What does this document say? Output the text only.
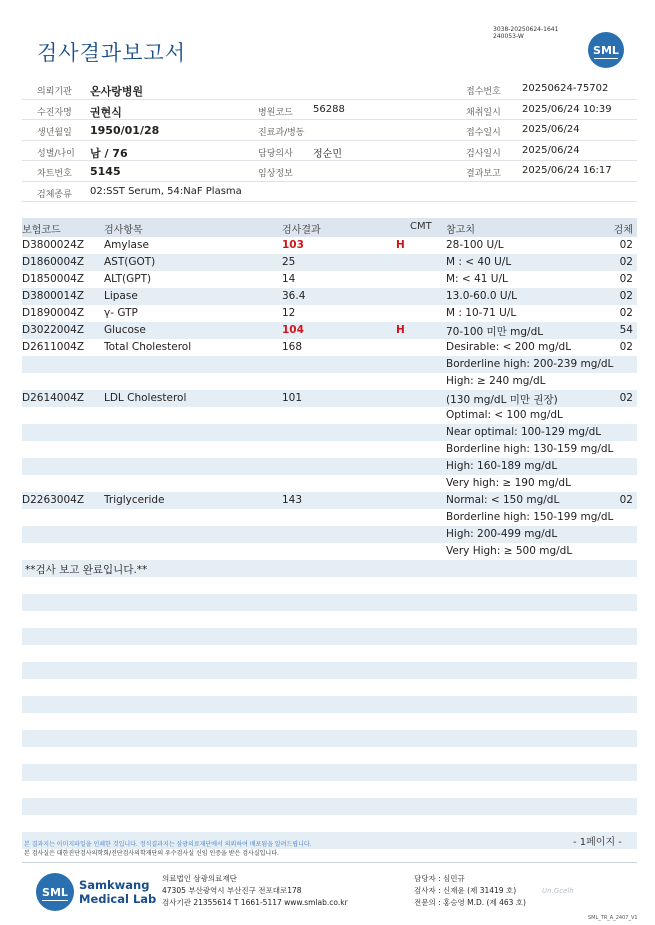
3038-20250624-1641
240053-W
검사결과보고서	SML
의뢰기관 온사랑병원	접수번호 20250624-75702
수진자명 권현식	병원코드 56288	채취일시 2025/06/24 10:39
생년월일 1950/01/28	진료과/병동	접수일시 2025/06/24
성별/나이 남 / 76	담당의사 정순민	검사일시 2025/06/24
차트번호 5145	임상정보	결과보고 2025/06/24 16:17
검체종류 02:SST Serum, 54:NaF Plasma
보험코드	검사항목	검사결과	CMT 참고치	검체
D3800024Z Amylase	103	H	28-100 U/L	02
D1860004Z AST(GOT)	25	M : < 40 U/L	02
D1850004Z ALT(GPT)	14	M: < 41 U/L	02
D3800014Z Lipase	36.4	13.0-60.0 U/L	02
D1890004Z γ- GTP	12	M : 10-71 U/L	02
D3022004Z Glucose	104	H	70-100 미만 mg/dL	54
D2611004Z Total Cholesterol	168	Desirable: < 200 mg/dL	02
Borderline high: 200-239 mg/dL
High: ≥ 240 mg/dL
D2614004Z LDL Cholesterol	101	(130 mg/dL 미만 권장)	02
Optimal: < 100 mg/dL
Near optimal: 100-129 mg/dL
Borderline high: 130-159 mg/dL
High: 160-189 mg/dL
Very high: ≥ 190 mg/dL
D2263004Z Triglyceride	143	Normal: < 150 mg/dL	02
Borderline high: 150-199 mg/dL
High: 200-499 mg/dL
Very High: ≥ 500 mg/dL
**검사 보고 완료입니다.**
- 1페이지 -
본 결과지는 이미지파일을 인쇄한 것입니다. 정식결과지는 삼광의료재단에서 의뢰하여 배포됨을 알려드립니다.
본 검사실은 대한진단검사의학회/진단검사의학재단의 우수검사실 신임 인증을 받은 검사실입니다.
SML Samkwang
Medical Lab
의료법인 삼광의료재단
47305 부산광역시 부산진구 전포대로178
검사기관 21355614 T 1661-5117 www.smlab.co.kr
담당자 : 심민규
검사자 : 신재윤 (제 31419 호)	Un.Gcelh
전문의 : 홍승영 M.D. (제 463 호)
SML_TR_A_2407_V1
